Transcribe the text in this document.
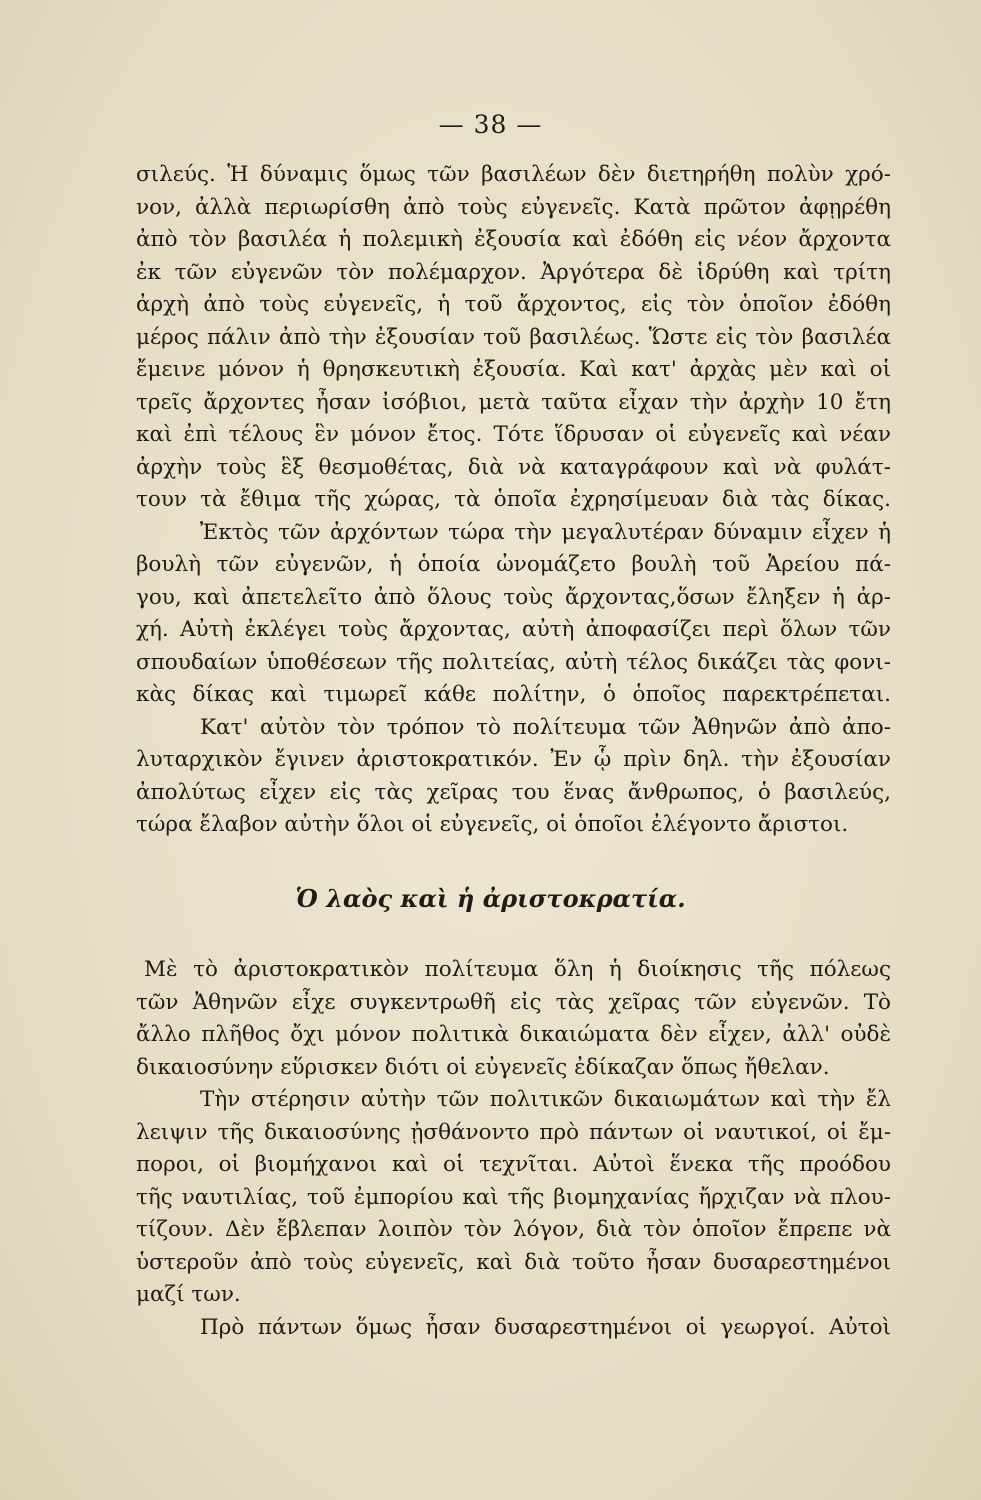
— 38 —
σιλεύς. Ἡ δύναμις ὅμως τῶν βασιλέων δὲν διετηρήθη πολὺν χρό-
νον, ἀλλὰ περιωρίσθη ἀπὸ τοὺς εὐγενεῖς. Κατὰ πρῶτον ἀφῃρέθη
ἀπὸ τὸν βασιλέα ἡ πολεμικὴ ἐξουσία καὶ ἐδόθη εἰς νέον ἄρχοντα
ἐκ τῶν εὐγενῶν τὸν πολέμαρχον. Ἀργότερα δὲ ἱδρύθη καὶ τρίτη
ἀρχὴ ἀπὸ τοὺς εὐγενεῖς, ἡ τοῦ ἄρχοντος, εἰς τὸν ὁποῖον ἐδόθη
μέρος πάλιν ἀπὸ τὴν ἐξουσίαν τοῦ βασιλέως. Ὥστε εἰς τὸν βασιλέα
ἔμεινε μόνον ἡ θρησκευτικὴ ἐξουσία. Καὶ κατ' ἀρχὰς μὲν καὶ οἱ
τρεῖς ἄρχοντες ἦσαν ἰσόβιοι, μετὰ ταῦτα εἶχαν τὴν ἀρχὴν 10 ἔτη
καὶ ἐπὶ τέλους ἓν μόνον ἔτος. Τότε ἵδρυσαν οἱ εὐγενεῖς καὶ νέαν
ἀρχὴν τοὺς ἓξ θεσμοθέτας, διὰ νὰ καταγράφουν καὶ νὰ φυλάτ-
τουν τὰ ἔθιμα τῆς χώρας, τὰ ὁποῖα ἐχρησίμευαν διὰ τὰς δίκας.
Ἐκτὸς τῶν ἀρχόντων τώρα τὴν μεγαλυτέραν δύναμιν εἶχεν ἡ
βουλὴ τῶν εὐγενῶν, ἡ ὁποία ὠνομάζετο βουλὴ τοῦ Ἀρείου πά-
γου, καὶ ἀπετελεῖτο ἀπὸ ὅλους τοὺς ἄρχοντας,ὅσων ἔληξεν ἡ ἀρ-
χή. Αὐτὴ ἐκλέγει τοὺς ἄρχοντας, αὐτὴ ἀποφασίζει περὶ ὅλων τῶν
σπουδαίων ὑποθέσεων τῆς πολιτείας, αὐτὴ τέλος δικάζει τὰς φονι-
κὰς δίκας καὶ τιμωρεῖ κάθε πολίτην, ὁ ὁποῖος παρεκτρέπεται.
Κατ' αὐτὸν τὸν τρόπον τὸ πολίτευμα τῶν Ἀθηνῶν ἀπὸ ἀπο-
λυταρχικὸν ἔγινεν ἀριστοκρατικόν. Ἐν ᾧ πρὶν δηλ. τὴν ἐξουσίαν
ἀπολύτως εἶχεν εἰς τὰς χεῖρας του ἕνας ἄνθρωπος, ὁ βασιλεύς,
τώρα ἔλαβον αὐτὴν ὅλοι οἱ εὐγενεῖς, οἱ ὁποῖοι ἐλέγοντο ἄριστοι.
Ὁ λαὸς καὶ ἡ ἀριστοκρατία.
Μὲ τὸ ἀριστοκρατικὸν πολίτευμα ὅλη ἡ διοίκησις τῆς πόλεως
τῶν Ἀθηνῶν εἶχε συγκεντρωθῆ εἰς τὰς χεῖρας τῶν εὐγενῶν. Τὸ
ἄλλο πλῆθος ὄχι μόνον πολιτικὰ δικαιώματα δὲν εἶχεν, ἀλλ' οὐδὲ
δικαιοσύνην εὕρισκεν διότι οἱ εὐγενεῖς ἐδίκαζαν ὅπως ἤθελαν.
Τὴν στέρησιν αὐτὴν τῶν πολιτικῶν δικαιωμάτων καὶ τὴν ἔλ
λειψιν τῆς δικαιοσύνης ᾐσθάνοντο πρὸ πάντων οἱ ναυτικοί, οἱ ἔμ-
ποροι, οἱ βιομήχανοι καὶ οἱ τεχνῖται. Αὐτοὶ ἕνεκα τῆς προόδου
τῆς ναυτιλίας, τοῦ ἐμπορίου καὶ τῆς βιομηχανίας ἤρχιζαν νὰ πλου-
τίζουν. Δὲν ἔβλεπαν λοιπὸν τὸν λόγον, διὰ τὸν ὁποῖον ἔπρεπε νὰ
ὑστεροῦν ἀπὸ τοὺς εὐγενεῖς, καὶ διὰ τοῦτο ἦσαν δυσαρεστημένοι
μαζί των.
Πρὸ πάντων ὅμως ἦσαν δυσαρεστημένοι οἱ γεωργοί. Αὐτοὶ
